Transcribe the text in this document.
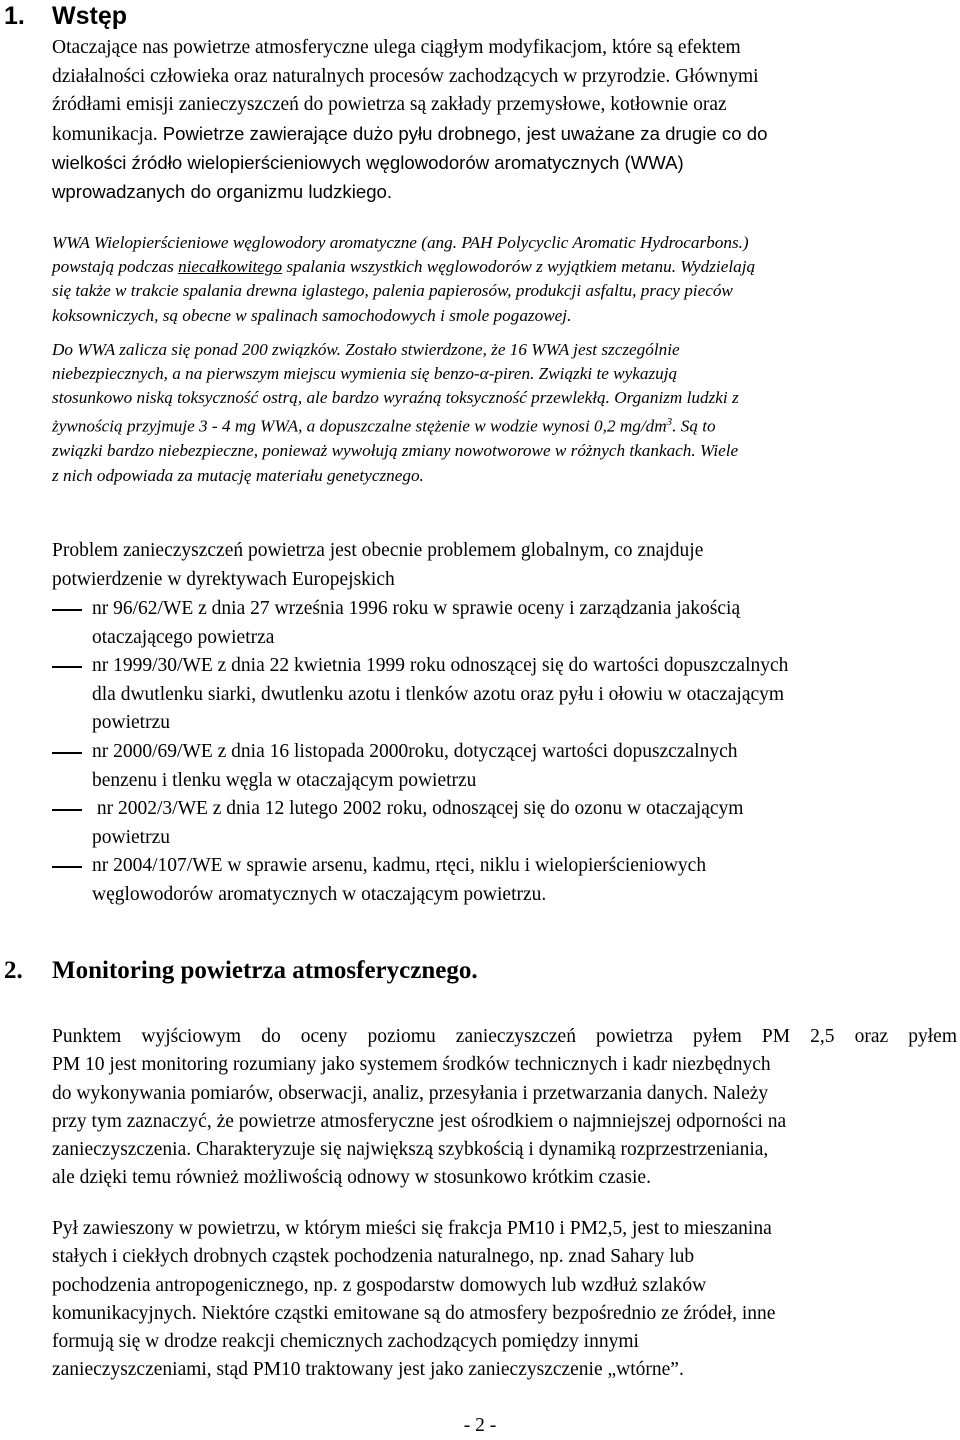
1. Wstęp
Otaczające nas powietrze atmosferyczne ulega ciągłym modyfikacjom, które są efektem
działalności człowieka oraz naturalnych procesów zachodzących w przyrodzie. Głównymi
źródłami emisji zanieczyszczeń do powietrza są zakłady przemysłowe, kotłownie oraz
komunikacja. Powietrze zawierające dużo pyłu drobnego, jest uważane za drugie co do
wielkości źródło wielopierścieniowych węglowodorów aromatycznych (WWA)
wprowadzanych do organizmu ludzkiego.
WWA Wielopierścieniowe węglowodory aromatyczne (ang. PAH Polycyclic Aromatic Hydrocarbons.)
powstają podczas niecałkowitego spalania wszystkich węglowodorów z wyjątkiem metanu. Wydzielają
się także w trakcie spalania drewna iglastego, palenia papierosów, produkcji asfaltu, pracy pieców
koksowniczych, są obecne w spalinach samochodowych i smole pogazowej.
Do WWA zalicza się ponad 200 związków. Zostało stwierdzone, że 16 WWA jest szczególnie
niebezpiecznych, a na pierwszym miejscu wymienia się benzo-α-piren. Związki te wykazują
stosunkowo niską toksyczność ostrą, ale bardzo wyraźną toksyczność przewlekłą. Organizm ludzki z
żywnością przyjmuje 3 - 4 mg WWA, a dopuszczalne stężenie w wodzie wynosi 0,2 $mg/dm^3$. Są to
związki bardzo niebezpieczne, ponieważ wywołują zmiany nowotworowe w różnych tkankach. Wiele
z nich odpowiada za mutację materiału genetycznego.
Problem zanieczyszczeń powietrza jest obecnie problemem globalnym, co znajduje
potwierdzenie w dyrektywach Europejskich
nr 96/62/WE z dnia 27 września 1996 roku w sprawie oceny i zarządzania jakością
otaczającego powietrza
nr 1999/30/WE z dnia 22 kwietnia 1999 roku odnoszącej się do wartości dopuszczalnych
dla dwutlenku siarki, dwutlenku azotu i tlenków azotu oraz pyłu i ołowiu w otaczającym
powietrzu
nr 2000/69/WE z dnia 16 listopada 2000roku, dotyczącej wartości dopuszczalnych
benzenu i tlenku węgla w otaczającym powietrzu
nr 2002/3/WE z dnia 12 lutego 2002 roku, odnoszącej się do ozonu w otaczającym
powietrzu
nr 2004/107/WE w sprawie arsenu, kadmu, rtęci, niklu i wielopierścieniowych
węglowodorów aromatycznych w otaczającym powietrzu.
2. Monitoring powietrza atmosferycznego.
Punktem wyjściowym do oceny poziomu zanieczyszczeń powietrza pyłem PM 2,5 oraz pyłem
PM 10 jest monitoring rozumiany jako systemem środków technicznych i kadr niezbędnych
do wykonywania pomiarów, obserwacji, analiz, przesyłania i przetwarzania danych. Należy
przy tym zaznaczyć, że powietrze atmosferyczne jest ośrodkiem o najmniejszej odporności na
zanieczyszczenia. Charakteryzuje się największą szybkością i dynamiką rozprzestrzeniania,
ale dzięki temu również możliwością odnowy w stosunkowo krótkim czasie.
Pył zawieszony w powietrzu, w którym mieści się frakcja PM10 i PM2,5, jest to mieszanina
stałych i ciekłych drobnych cząstek pochodzenia naturalnego, np. znad Sahary lub
pochodzenia antropogenicznego, np. z gospodarstw domowych lub wzdłuż szlaków
komunikacyjnych. Niektóre cząstki emitowane są do atmosfery bezpośrednio ze źródeł, inne
formują się w drodze reakcji chemicznych zachodzących pomiędzy innymi
zanieczyszczeniami, stąd PM10 traktowany jest jako zanieczyszczenie „wtórne”.
- 2 -
